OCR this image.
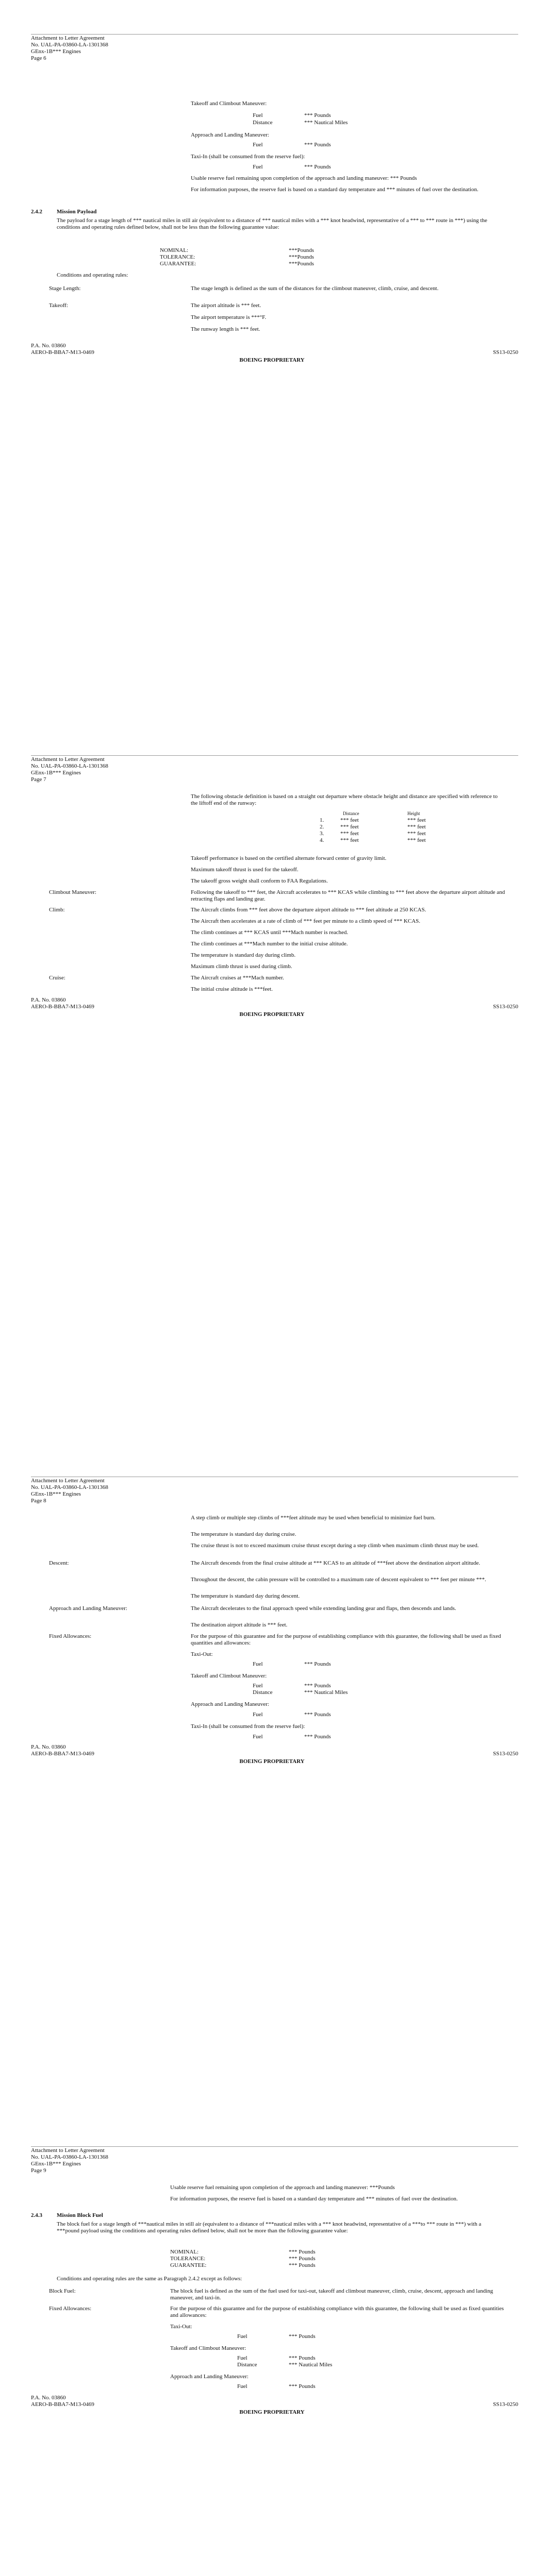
Attachment to Letter Agreement
No. UAL-PA-03860-LA-1301368
GEnx-1B*** Engines
Page 6
Takeoff and Climbout Maneuver:
Fuel	*** Pounds
Distance	*** Nautical Miles
Approach and Landing Maneuver:
Fuel	*** Pounds
Taxi-In (shall be consumed from the reserve fuel):
Fuel	*** Pounds
Usable reserve fuel remaining upon completion of the approach and landing maneuver: *** Pounds
For information purposes, the reserve fuel is based on a standard day temperature and *** minutes of fuel over the destination.
2.4.2	Mission Payload
The payload for a stage length of *** nautical miles in still air (equivalent to a distance of *** nautical miles with a *** knot headwind, representative of a *** to *** route in ***) using the conditions and operating rules defined below, shall not be less than the following guarantee value:
NOMINAL:	***Pounds
TOLERANCE:	***Pounds
GUARANTEE:	***Pounds
Conditions and operating rules:
Stage Length:	The stage length is defined as the sum of the distances for the climbout maneuver, climb, cruise, and descent.
Takeoff:	The airport altitude is *** feet.
The airport temperature is ***°F.
The runway length is *** feet.
P.A. No. 03860
AERO-B-BBA7-M13-0469	SS13-0250
BOEING PROPRIETARY
Attachment to Letter Agreement
No. UAL-PA-03860-LA-1301368
GEnx-1B*** Engines
Page 7
The following obstacle definition is based on a straight out departure where obstacle height and distance are specified with reference to the liftoff end of the runway:
Distance	Height
1.	*** feet	*** feet
2.	*** feet	*** feet
3.	*** feet	*** feet
4.	*** feet	*** feet
Takeoff performance is based on the certified alternate forward center of gravity limit.
Maximum takeoff thrust is used for the takeoff.
The takeoff gross weight shall conform to FAA Regulations.
Climbout Maneuver:	Following the takeoff to *** feet, the Aircraft accelerates to *** KCAS while climbing to *** feet above the departure airport altitude and retracting flaps and landing gear.
Climb:	The Aircraft climbs from *** feet above the departure airport altitude to *** feet altitude at 250 KCAS.
The Aircraft then accelerates at a rate of climb of *** feet per minute to a climb speed of *** KCAS.
The climb continues at *** KCAS until ***Mach number is reached.
The climb continues at ***Mach number to the initial cruise altitude.
The temperature is standard day during climb.
Maximum climb thrust is used during climb.
Cruise:	The Aircraft cruises at ***Mach number.
The initial cruise altitude is ***feet.
P.A. No. 03860
AERO-B-BBA7-M13-0469	SS13-0250
BOEING PROPRIETARY
Attachment to Letter Agreement
No. UAL-PA-03860-LA-1301368
GEnx-1B*** Engines
Page 8
A step climb or multiple step climbs of ***feet altitude may be used when beneficial to minimize fuel burn.
The temperature is standard day during cruise.
The cruise thrust is not to exceed maximum cruise thrust except during a step climb when maximum climb thrust may be used.
Descent:	The Aircraft descends from the final cruise altitude at *** KCAS to an altitude of ***feet above the destination airport altitude.
Throughout the descent, the cabin pressure will be controlled to a maximum rate of descent equivalent to *** feet per minute ***.
The temperature is standard day during descent.
Approach and Landing Maneuver:	The Aircraft decelerates to the final approach speed while extending landing gear and flaps, then descends and lands.
The destination airport altitude is *** feet.
Fixed Allowances:	For the purpose of this guarantee and for the purpose of establishing compliance with this guarantee, the following shall be used as fixed quantities and allowances:
Taxi-Out:
Fuel	*** Pounds
Takeoff and Climbout Maneuver:
Fuel	*** Pounds
Distance	*** Nautical Miles
Approach and Landing Maneuver:
Fuel	*** Pounds
Taxi-In (shall be consumed from the reserve fuel):
Fuel	*** Pounds
P.A. No. 03860
AERO-B-BBA7-M13-0469	SS13-0250
BOEING PROPRIETARY
Attachment to Letter Agreement
No. UAL-PA-03860-LA-1301368
GEnx-1B*** Engines
Page 9
Usable reserve fuel remaining upon completion of the approach and landing maneuver: ***Pounds
For information purposes, the reserve fuel is based on a standard day temperature and *** minutes of fuel over the destination.
2.4.3	Mission Block Fuel
The block fuel for a stage length of ***nautical miles in still air (equivalent to a distance of ***nautical miles with a *** knot headwind, representative of a ***to *** route in ***) with a ***pound payload using the conditions and operating rules defined below, shall not be more than the following guarantee value:
NOMINAL:	*** Pounds
TOLERANCE:	*** Pounds
GUARANTEE:	*** Pounds
Conditions and operating rules are the same as Paragraph 2.4.2 except as follows:
Block Fuel:	The block fuel is defined as the sum of the fuel used for taxi-out, takeoff and climbout maneuver, climb, cruise, descent, approach and landing maneuver, and taxi-in.
Fixed Allowances:	For the purpose of this guarantee and for the purpose of establishing compliance with this guarantee, the following shall be used as fixed quantities and allowances:
Taxi-Out:
Fuel	*** Pounds
Takeoff and Climbout Maneuver:
Fuel	*** Pounds
Distance	*** Nautical Miles
Approach and Landing Maneuver:
Fuel	*** Pounds
P.A. No. 03860
AERO-B-BBA7-M13-0469	SS13-0250
BOEING PROPRIETARY
